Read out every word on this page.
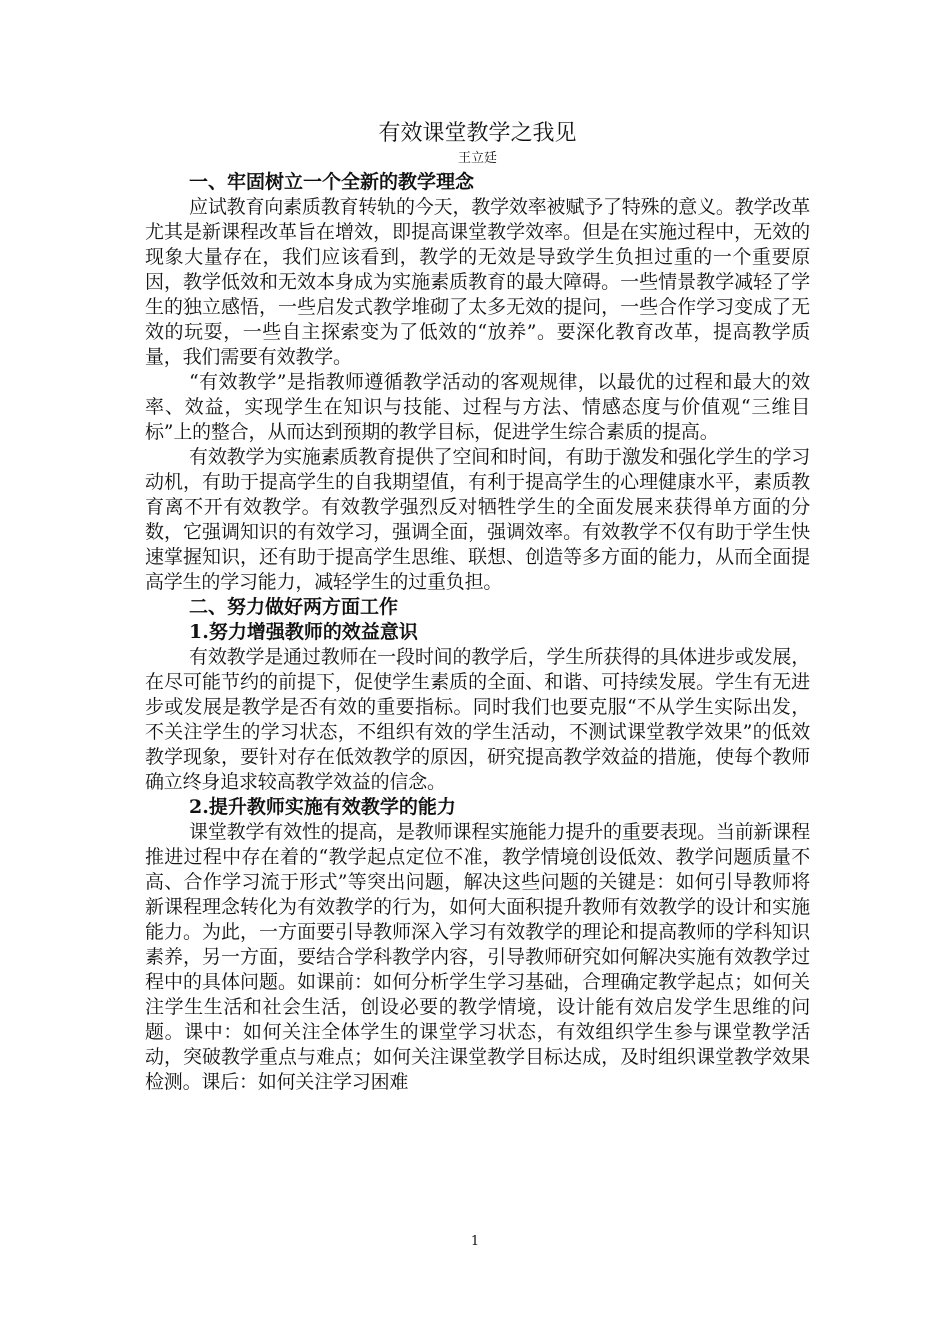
有效课堂教学之我见

王立廷

一、牢固树立一个全新的教学理念

应试教育向素质教育转轨的今天，教学效率被赋予了特殊的意义。教学改革尤其是新课程改革旨在增效，即提高课堂教学效率。但是在实施过程中，无效的现象大量存在，我们应该看到，教学的无效是导致学生负担过重的一个重要原因，教学低效和无效本身成为实施素质教育的最大障碍。一些情景教学减轻了学生的独立感悟，一些启发式教学堆砌了太多无效的提问，一些合作学习变成了无效的玩耍，一些自主探索变为了低效的“放养”。要深化教育改革，提高教学质量，我们需要有效教学。

“有效教学”是指教师遵循教学活动的客观规律，以最优的过程和最大的效率、效益，实现学生在知识与技能、过程与方法、情感态度与价值观“三维目标”上的整合，从而达到预期的教学目标，促进学生综合素质的提高。

有效教学为实施素质教育提供了空间和时间，有助于激发和强化学生的学习动机，有助于提高学生的自我期望值，有利于提高学生的心理健康水平，素质教育离不开有效教学。有效教学强烈反对牺牲学生的全面发展来获得单方面的分数，它强调知识的有效学习，强调全面，强调效率。有效教学不仅有助于学生快速掌握知识，还有助于提高学生思维、联想、创造等多方面的能力，从而全面提高学生的学习能力，减轻学生的过重负担。

二、努力做好两方面工作

1.努力增强教师的效益意识

有效教学是通过教师在一段时间的教学后，学生所获得的具体进步或发展，在尽可能节约的前提下，促使学生素质的全面、和谐、可持续发展。学生有无进步或发展是教学是否有效的重要指标。同时我们也要克服“不从学生实际出发，不关注学生的学习状态，不组织有效的学生活动，不测试课堂教学效果”的低效教学现象，要针对存在低效教学的原因，研究提高教学效益的措施，使每个教师确立终身追求较高教学效益的信念。

2.提升教师实施有效教学的能力

课堂教学有效性的提高，是教师课程实施能力提升的重要表现。当前新课程推进过程中存在着的“教学起点定位不准，教学情境创设低效、教学问题质量不高、合作学习流于形式”等突出问题，解决这些问题的关键是：如何引导教师将新课程理念转化为有效教学的行为，如何大面积提升教师有效教学的设计和实施能力。为此，一方面要引导教师深入学习有效教学的理论和提高教师的学科知识素养，另一方面，要结合学科教学内容，引导教师研究如何解决实施有效教学过程中的具体问题。如课前：如何分析学生学习基础，合理确定教学起点；如何关注学生生活和社会生活，创设必要的教学情境，设计能有效启发学生思维的问题。课中：如何关注全体学生的课堂学习状态，有效组织学生参与课堂教学活动，突破教学重点与难点；如何关注课堂教学目标达成，及时组织课堂教学效果检测。课后：如何关注学习困难

1
